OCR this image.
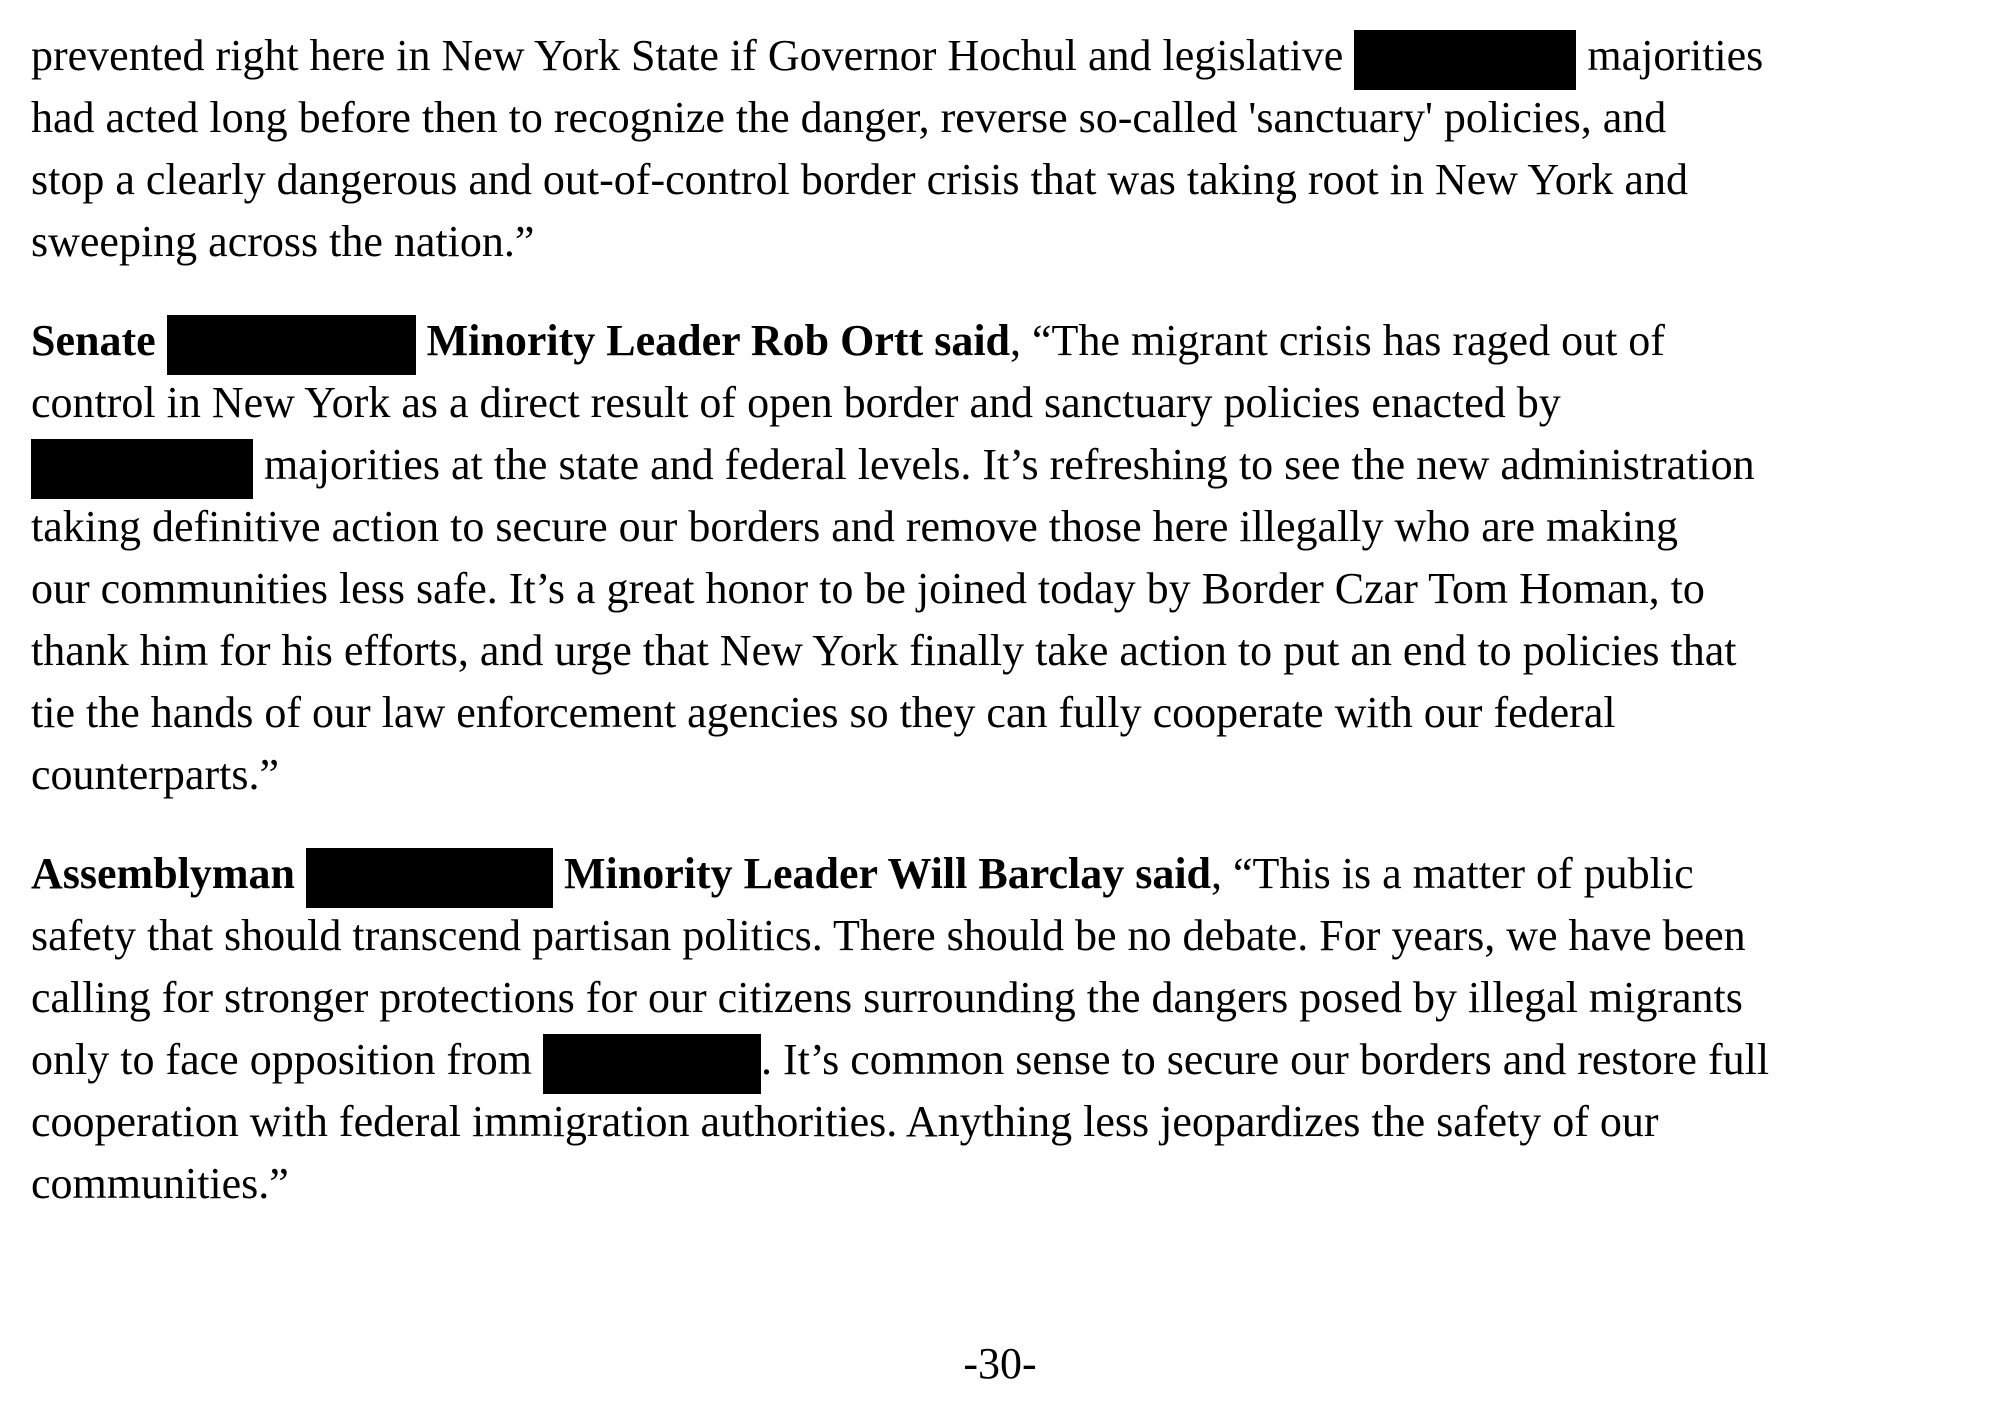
prevented right here in New York State if Governor Hochul and legislative	majorities
had acted long before then to recognize the danger, reverse so-called 'sanctuary' policies, and
stop a clearly dangerous and out-of-control border crisis that was taking root in New York and
sweeping across the nation.”
Senate	Minority Leader Rob Ortt said, “The migrant crisis has raged out of
control in New York as a direct result of open border and sanctuary policies enacted by
majorities at the state and federal levels. It’s refreshing to see the new administration
taking definitive action to secure our borders and remove those here illegally who are making
our communities less safe. It’s a great honor to be joined today by Border Czar Tom Homan, to
thank him for his efforts, and urge that New York finally take action to put an end to policies that
tie the hands of our law enforcement agencies so they can fully cooperate with our federal
counterparts.”
Assemblyman	Minority Leader Will Barclay said, “This is a matter of public
safety that should transcend partisan politics. There should be no debate. For years, we have been
calling for stronger protections for our citizens surrounding the dangers posed by illegal migrants
only to face opposition from	. It’s common sense to secure our borders and restore full
cooperation with federal immigration authorities. Anything less jeopardizes the safety of our
communities.”
-30-
